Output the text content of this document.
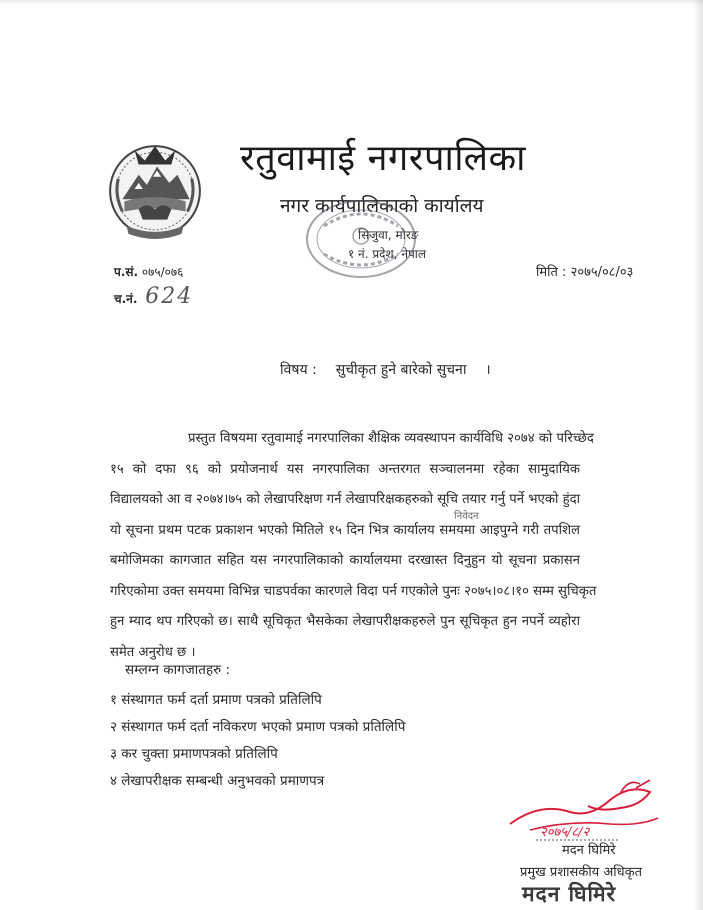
रतुवामाई नगरपालिका
नगर कार्यपालिकाको कार्यालय
सिजुवा, मोरङ
१ नं. प्रदेश, नेपाल
प.सं. ०७५/०७६
च.नं. 624
मिति : २०७५/०८/०३
विषय : सुचीकृत हुने बारेको सुचना ।
प्रस्तुत विषयमा रतुवामाई नगरपालिका शैक्षिक व्यवस्थापन कार्यविधि २०७४ को परिच्छेद
१५ को दफा ९६ को प्रयोजनार्थ यस नगरपालिका अन्तरगत सञ्चालनमा रहेका सामुदायिक
विद्यालयको आ व २०७४।७५ को लेखापरिक्षण गर्न लेखापरिक्षकहरुको सूचि तयार गर्नु पर्ने भएको हुंदा
यो सूचना प्रथम पटक प्रकाशन भएको मितिले १५ दिन भित्र कार्यालय समयमा आइपुग्ने गरी तपशिल
बमोजिमका कागजात सहित यस नगरपालिकाको कार्यालयमा दरखास्त दिनुहुन यो सूचना प्रकासन
गरिएकोमा उक्त समयमा विभिन्न चाडपर्वका कारणले विदा पर्न गएकोले पुनः २०७५।०८।१० सम्म सुचिकृत
हुन म्याद थप गरिएको छ। साथै सूचिकृत भैसकेका लेखापरीक्षकहरुले पुन सूचिकृत हुन नपर्ने व्यहोरा
समेत अनुरोध छ ।
निवेदन
सम्लग्न कागजातहरु :
१ संस्थागत फर्म दर्ता प्रमाण पत्रको प्रतिलिपि
२ संस्थागत फर्म दर्ता नविकरण भएको प्रमाण पत्रको प्रतिलिपि
३ कर चुक्ता प्रमाणपत्रको प्रतिलिपि
४ लेखापरीक्षक सम्बन्धी अनुभवको प्रमाणपत्र
२०७५/८/२
मदन घिमिरे
प्रमुख प्रशासकीय अधिकृत
मदन घिमिरे
